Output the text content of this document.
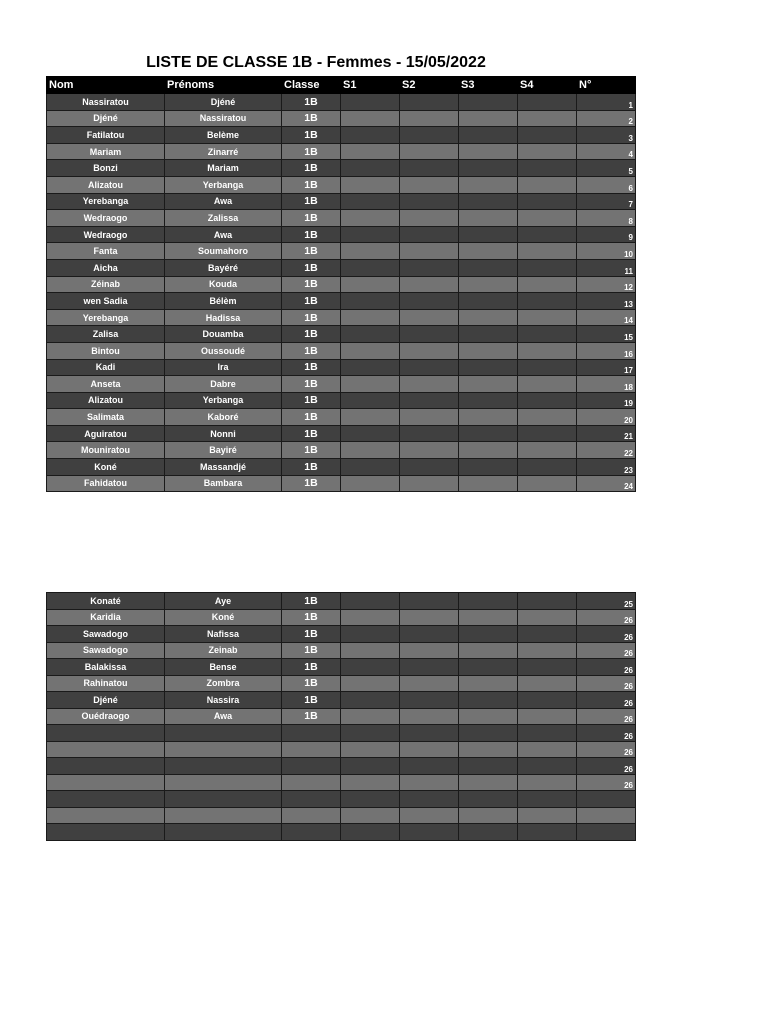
LISTE DE CLASSE 1B - Femmes - 15/05/2022
Nom	Prénoms	Classe	S1	S2	S3	S4	N°
Nassiratou	Djéné	1B					1
Djéné	Nassiratou	1B					2
Fatilatou	Belème	1B					3
Mariam	Zinarré	1B					4
Bonzi	Mariam	1B					5
Alizatou	Yerbanga	1B					6
Yerebanga	Awa	1B					7
Wedraogo	Zalissa	1B					8
Wedraogo	Awa	1B					9
Fanta	Soumahoro	1B					10
Aicha	Bayéré	1B					11
Zéinab	Kouda	1B					12
wen Sadia	Bélèm	1B					13
Yerebanga	Hadissa	1B					14
Zalisa	Douamba	1B					15
Bintou	Oussoudé	1B					16
Kadi	Ira	1B					17
Anseta	Dabre	1B					18
Alizatou	Yerbanga	1B					19
Salimata	Kaboré	1B					20
Aguiratou	Nonni	1B					21
Mouniratou	Bayiré	1B					22
Koné	Massandjé	1B					23
Fahidatou	Bambara	1B					24
Konaté	Aye	1B					25
Karidia	Koné	1B					26
Sawadogo	Nafissa	1B					26
Sawadogo	Zeinab	1B					26
Balakissa	Bense	1B					26
Rahinatou	Zombra	1B					26
Djéné	Nassira	1B					26
Ouédraogo	Awa	1B					26
							26
							26
							26
							26
